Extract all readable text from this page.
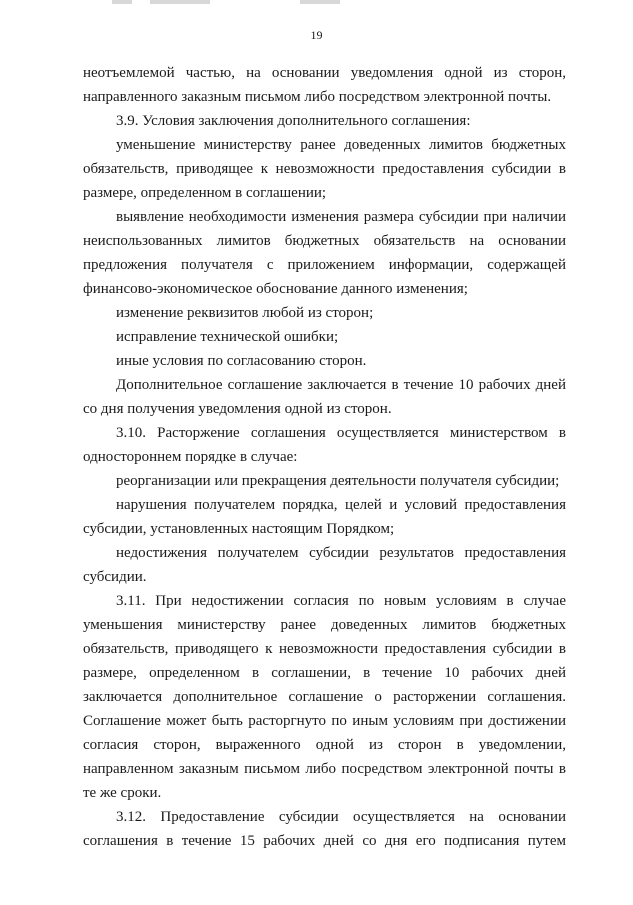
19

неотъемлемой частью, на основании уведомления одной из сторон, направленного заказным письмом либо посредством электронной почты.

3.9. Условия заключения дополнительного соглашения:

уменьшение министерству ранее доведенных лимитов бюджетных обязательств, приводящее к невозможности предоставления субсидии в размере, определенном в соглашении;

выявление необходимости изменения размера субсидии при наличии неиспользованных лимитов бюджетных обязательств на основании предложения получателя с приложением информации, содержащей финансово-экономическое обоснование данного изменения;

изменение реквизитов любой из сторон;

исправление технической ошибки;

иные условия по согласованию сторон.

Дополнительное соглашение заключается в течение 10 рабочих дней со дня получения уведомления одной из сторон.

3.10. Расторжение соглашения осуществляется министерством в одностороннем порядке в случае:

реорганизации или прекращения деятельности получателя субсидии;

нарушения получателем порядка, целей и условий предоставления субсидии, установленных настоящим Порядком;

недостижения получателем субсидии результатов предоставления субсидии.

3.11. При недостижении согласия по новым условиям в случае уменьшения министерству ранее доведенных лимитов бюджетных обязательств, приводящего к невозможности предоставления субсидии в размере, определенном в соглашении, в течение 10 рабочих дней заключается дополнительное соглашение о расторжении соглашения. Соглашение может быть расторгнуто по иным условиям при достижении согласия сторон, выраженного одной из сторон в уведомлении, направленном заказным письмом либо посредством электронной почты в те же сроки.

3.12. Предоставление субсидии осуществляется на основании соглашения в течение 15 рабочих дней со дня его подписания путем
